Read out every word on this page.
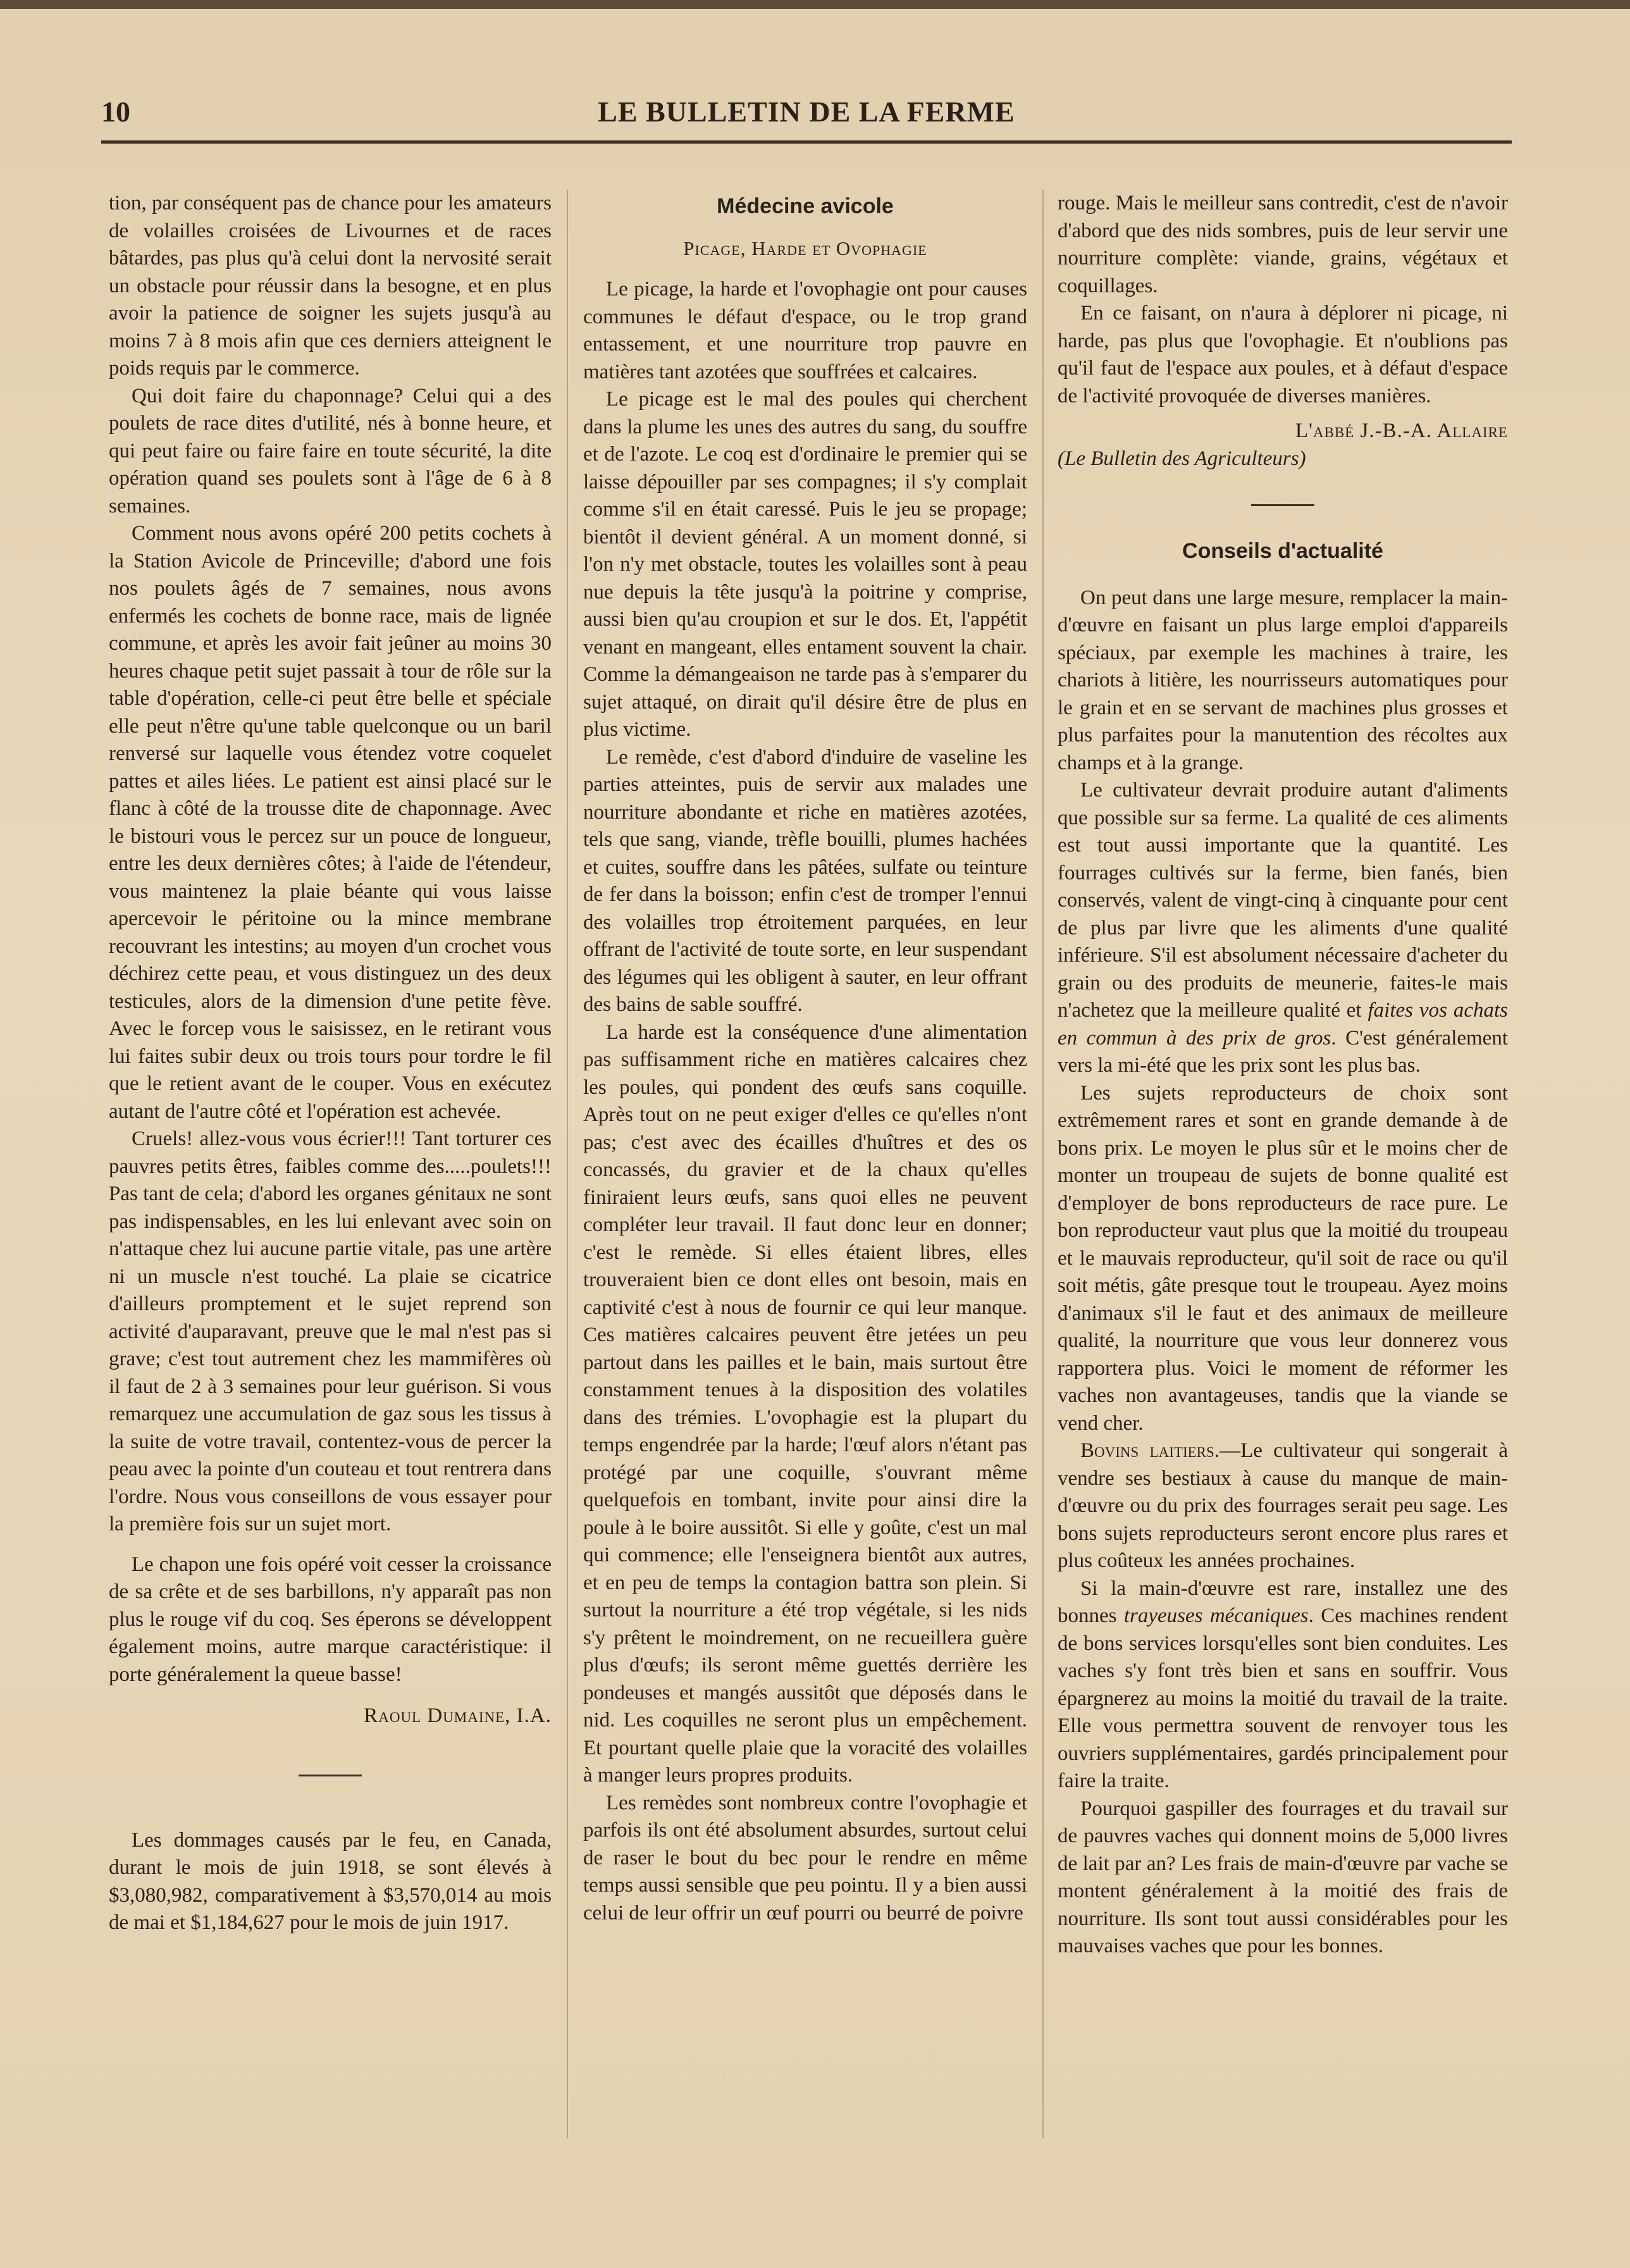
10	LE BULLETIN DE LA FERME

tion, par conséquent pas de chance pour les amateurs de volailles croisées de Livournes et de races bâtardes, pas plus qu'à celui dont la nervosité serait un obstacle pour réussir dans la besogne, et en plus avoir la patience de soigner les sujets jusqu'à au moins 7 à 8 mois afin que ces derniers atteignent le poids requis par le commerce.

Qui doit faire du chaponnage? Celui qui a des poulets de race dites d'utilité, nés à bonne heure, et qui peut faire ou faire faire en toute sécurité, la dite opération quand ses poulets sont à l'âge de 6 à 8 semaines.

Comment nous avons opéré 200 petits cochets à la Station Avicole de Princeville; d'abord une fois nos poulets âgés de 7 semaines, nous avons enfermés les cochets de bonne race, mais de lignée commune, et après les avoir fait jeûner au moins 30 heures chaque petit sujet passait à tour de rôle sur la table d'opération, celle-ci peut être belle et spéciale elle peut n'être qu'une table quelconque ou un baril renversé sur laquelle vous étendez votre coquelet pattes et ailes liées. Le patient est ainsi placé sur le flanc à côté de la trousse dite de chaponnage. Avec le bistouri vous le percez sur un pouce de longueur, entre les deux dernières côtes; à l'aide de l'étendeur, vous maintenez la plaie béante qui vous laisse apercevoir le péritoine ou la mince membrane recouvrant les intestins; au moyen d'un crochet vous déchirez cette peau, et vous distinguez un des deux testicules, alors de la dimension d'une petite fève. Avec le forcep vous le saisissez, en le retirant vous lui faites subir deux ou trois tours pour tordre le fil que le retient avant de le couper. Vous en exécutez autant de l'autre côté et l'opération est achevée.

Cruels! allez-vous vous écrier!!! Tant torturer ces pauvres petits êtres, faibles comme des.....poulets!!! Pas tant de cela; d'abord les organes génitaux ne sont pas indispensables, en les lui enlevant avec soin on n'attaque chez lui aucune partie vitale, pas une artère ni un muscle n'est touché. La plaie se cicatrice d'ailleurs promptement et le sujet reprend son activité d'auparavant, preuve que le mal n'est pas si grave; c'est tout autrement chez les mammifères où il faut de 2 à 3 semaines pour leur guérison. Si vous remarquez une accumulation de gaz sous les tissus à la suite de votre travail, contentez-vous de percer la peau avec la pointe d'un couteau et tout rentrera dans l'ordre. Nous vous conseillons de vous essayer pour la première fois sur un sujet mort.

Le chapon une fois opéré voit cesser la croissance de sa crête et de ses barbillons, n'y apparaît pas non plus le rouge vif du coq. Ses éperons se développent également moins, autre marque caractéristique: il porte généralement la queue basse!

Raoul Dumaine, I.A.

Les dommages causés par le feu, en Canada, durant le mois de juin 1918, se sont élevés à $3,080,982, comparativement à $3,570,014 au mois de mai et $1,184,627 pour le mois de juin 1917.

Médecine avicole

Picage, Harde et Ovophagie

Le picage, la harde et l'ovophagie ont pour causes communes le défaut d'espace, ou le trop grand entassement, et une nourriture trop pauvre en matières tant azotées que souffrées et calcaires.

Le picage est le mal des poules qui cherchent dans la plume les unes des autres du sang, du souffre et de l'azote. Le coq est d'ordinaire le premier qui se laisse dépouiller par ses compagnes; il s'y complait comme s'il en était caressé. Puis le jeu se propage; bientôt il devient général. A un moment donné, si l'on n'y met obstacle, toutes les volailles sont à peau nue depuis la tête jusqu'à la poitrine y comprise, aussi bien qu'au croupion et sur le dos. Et, l'appétit venant en mangeant, elles entament souvent la chair. Comme la démangeaison ne tarde pas à s'emparer du sujet attaqué, on dirait qu'il désire être de plus en plus victime.

Le remède, c'est d'abord d'induire de vaseline les parties atteintes, puis de servir aux malades une nourriture abondante et riche en matières azotées, tels que sang, viande, trèfle bouilli, plumes hachées et cuites, souffre dans les pâtées, sulfate ou teinture de fer dans la boisson; enfin c'est de tromper l'ennui des volailles trop étroitement parquées, en leur offrant de l'activité de toute sorte, en leur suspendant des légumes qui les obligent à sauter, en leur offrant des bains de sable souffré.

La harde est la conséquence d'une alimentation pas suffisamment riche en matières calcaires chez les poules, qui pondent des œufs sans coquille. Après tout on ne peut exiger d'elles ce qu'elles n'ont pas; c'est avec des écailles d'huîtres et des os concassés, du gravier et de la chaux qu'elles finiraient leurs œufs, sans quoi elles ne peuvent compléter leur travail. Il faut donc leur en donner; c'est le remède. Si elles étaient libres, elles trouveraient bien ce dont elles ont besoin, mais en captivité c'est à nous de fournir ce qui leur manque. Ces matières calcaires peuvent être jetées un peu partout dans les pailles et le bain, mais surtout être constamment tenues à la disposition des volatiles dans des trémies. L'ovophagie est la plupart du temps engendrée par la harde; l'œuf alors n'étant pas protégé par une coquille, s'ouvrant même quelquefois en tombant, invite pour ainsi dire la poule à le boire aussitôt. Si elle y goûte, c'est un mal qui commence; elle l'enseignera bientôt aux autres, et en peu de temps la contagion battra son plein. Si surtout la nourriture a été trop végétale, si les nids s'y prêtent le moindrement, on ne recueillera guère plus d'œufs; ils seront même guettés derrière les pondeuses et mangés aussitôt que déposés dans le nid. Les coquilles ne seront plus un empêchement. Et pourtant quelle plaie que la voracité des volailles à manger leurs propres produits.

Les remèdes sont nombreux contre l'ovophagie et parfois ils ont été absolument absurdes, surtout celui de raser le bout du bec pour le rendre en même temps aussi sensible que peu pointu. Il y a bien aussi celui de leur offrir un œuf pourri ou beurré de poivre

rouge. Mais le meilleur sans contredit, c'est de n'avoir d'abord que des nids sombres, puis de leur servir une nourriture complète: viande, grains, végétaux et coquillages.

En ce faisant, on n'aura à déplorer ni picage, ni harde, pas plus que l'ovophagie. Et n'oublions pas qu'il faut de l'espace aux poules, et à défaut d'espace de l'activité provoquée de diverses manières.

L'abbé J.-B.-A. Allaire

(Le Bulletin des Agriculteurs)

Conseils d'actualité

On peut dans une large mesure, remplacer la main-d'œuvre en faisant un plus large emploi d'appareils spéciaux, par exemple les machines à traire, les chariots à litière, les nourrisseurs automatiques pour le grain et en se servant de machines plus grosses et plus parfaites pour la manutention des récoltes aux champs et à la grange.

Le cultivateur devrait produire autant d'aliments que possible sur sa ferme. La qualité de ces aliments est tout aussi importante que la quantité. Les fourrages cultivés sur la ferme, bien fanés, bien conservés, valent de vingt-cinq à cinquante pour cent de plus par livre que les aliments d'une qualité inférieure. S'il est absolument nécessaire d'acheter du grain ou des produits de meunerie, faites-le mais n'achetez que la meilleure qualité et faites vos achats en commun à des prix de gros. C'est généralement vers la mi-été que les prix sont les plus bas.

Les sujets reproducteurs de choix sont extrêmement rares et sont en grande demande à de bons prix. Le moyen le plus sûr et le moins cher de monter un troupeau de sujets de bonne qualité est d'employer de bons reproducteurs de race pure. Le bon reproducteur vaut plus que la moitié du troupeau et le mauvais reproducteur, qu'il soit de race ou qu'il soit métis, gâte presque tout le troupeau. Ayez moins d'animaux s'il le faut et des animaux de meilleure qualité, la nourriture que vous leur donnerez vous rapportera plus. Voici le moment de réformer les vaches non avantageuses, tandis que la viande se vend cher.

Bovins laitiers.—Le cultivateur qui songerait à vendre ses bestiaux à cause du manque de main-d'œuvre ou du prix des fourrages serait peu sage. Les bons sujets reproducteurs seront encore plus rares et plus coûteux les années prochaines.

Si la main-d'œuvre est rare, installez une des bonnes trayeuses mécaniques. Ces machines rendent de bons services lorsqu'elles sont bien conduites. Les vaches s'y font très bien et sans en souffrir. Vous épargnerez au moins la moitié du travail de la traite. Elle vous permettra souvent de renvoyer tous les ouvriers supplémentaires, gardés principalement pour faire la traite.

Pourquoi gaspiller des fourrages et du travail sur de pauvres vaches qui donnent moins de 5,000 livres de lait par an? Les frais de main-d'œuvre par vache se montent généralement à la moitié des frais de nourriture. Ils sont tout aussi considérables pour les mauvaises vaches que pour les bonnes.
